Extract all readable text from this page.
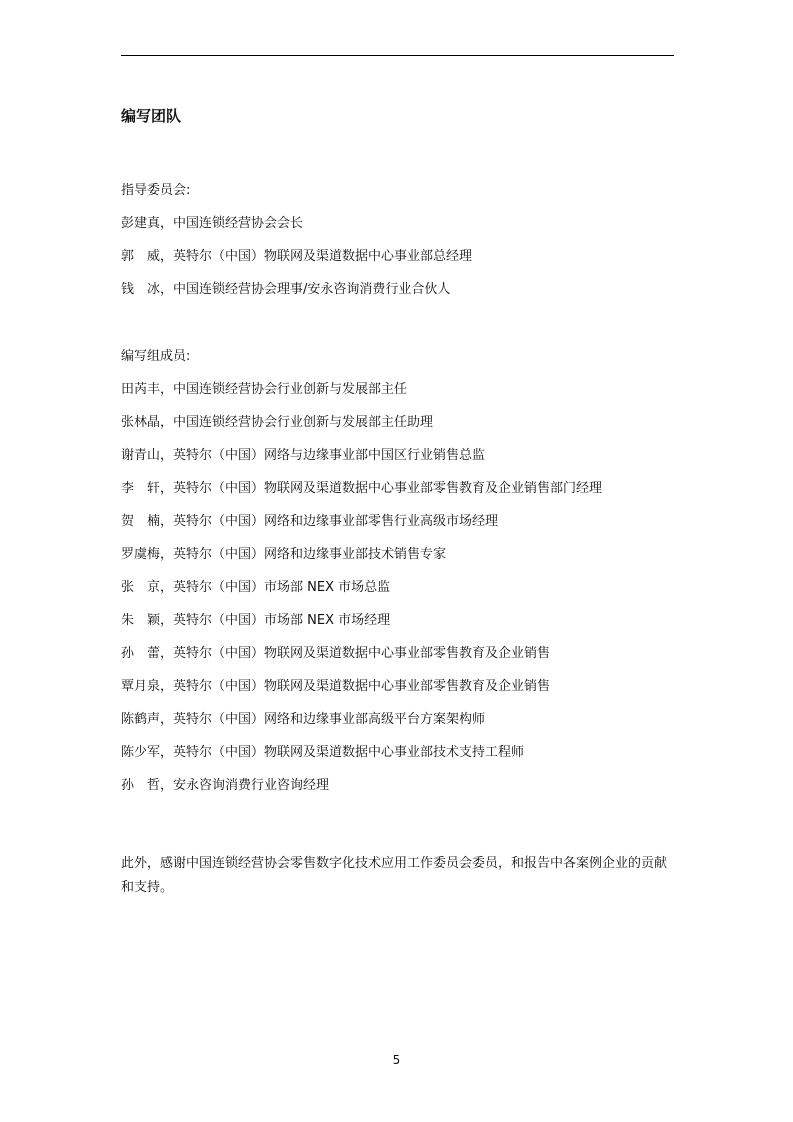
编写团队
指导委员会:
彭建真，中国连锁经营协会会长
郭　威，英特尔（中国）物联网及渠道数据中心事业部总经理
钱　冰，中国连锁经营协会理事/安永咨询消费行业合伙人
编写组成员:
田芮丰，中国连锁经营协会行业创新与发展部主任
张林晶，中国连锁经营协会行业创新与发展部主任助理
谢青山，英特尔（中国）网络与边缘事业部中国区行业销售总监
李　轩，英特尔（中国）物联网及渠道数据中心事业部零售教育及企业销售部门经理
贺　楠，英特尔（中国）网络和边缘事业部零售行业高级市场经理
罗虞梅，英特尔（中国）网络和边缘事业部技术销售专家
张　京，英特尔（中国）市场部 NEX 市场总监
朱　颖，英特尔（中国）市场部 NEX 市场经理
孙　蕾，英特尔（中国）物联网及渠道数据中心事业部零售教育及企业销售
覃月泉，英特尔（中国）物联网及渠道数据中心事业部零售教育及企业销售
陈鹤声，英特尔（中国）网络和边缘事业部高级平台方案架构师
陈少军，英特尔（中国）物联网及渠道数据中心事业部技术支持工程师
孙　哲，安永咨询消费行业咨询经理
此外，感谢中国连锁经营协会零售数字化技术应用工作委员会委员，和报告中各案例企业的贡献和支持。
5
